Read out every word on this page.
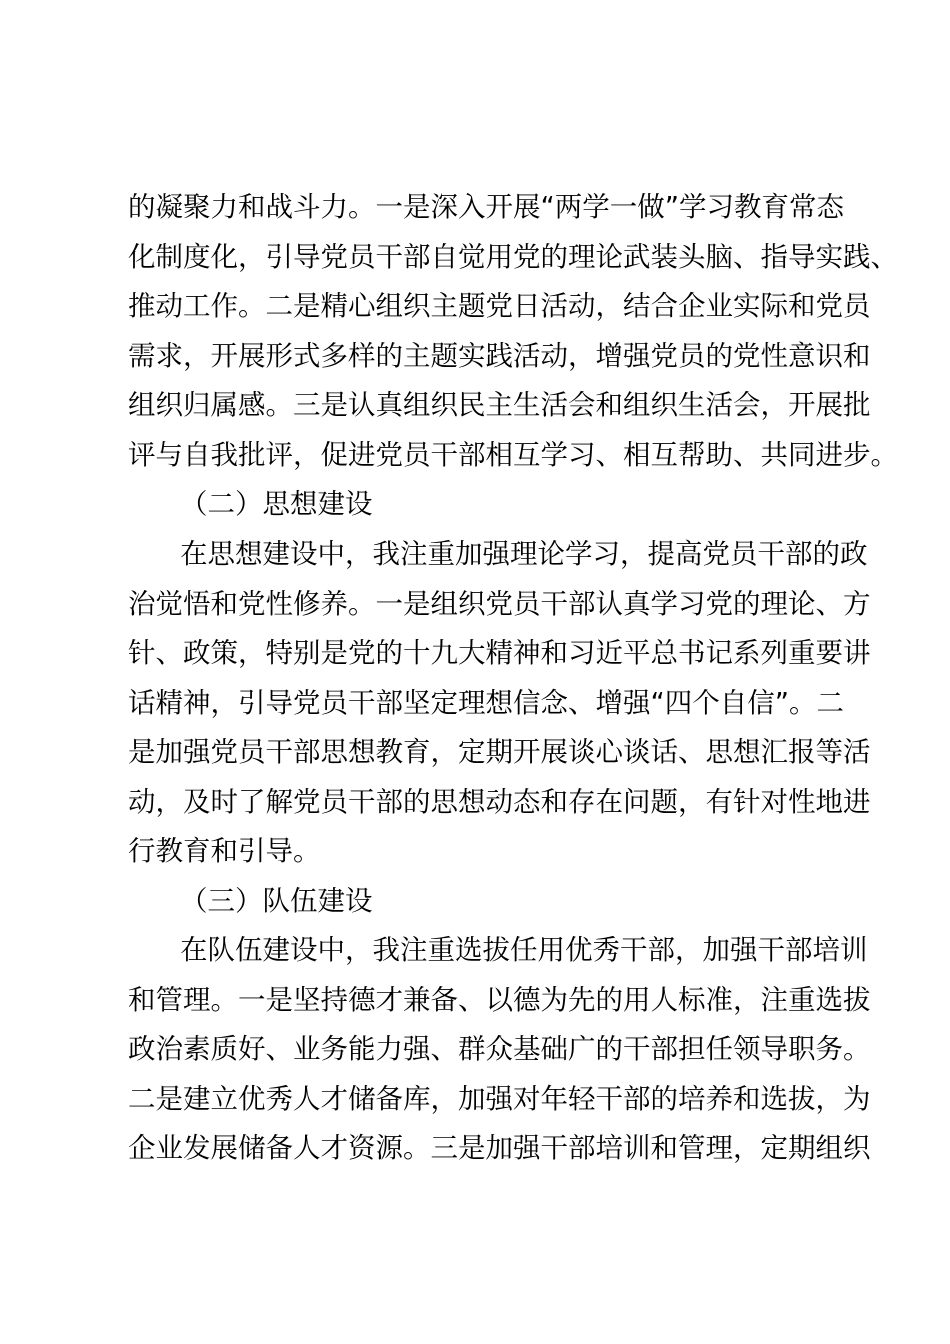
的凝聚力和战斗力。一是深入开展“两学一做”学习教育常态
化制度化，引导党员干部自觉用党的理论武装头脑、指导实践、
推动工作。二是精心组织主题党日活动，结合企业实际和党员
需求，开展形式多样的主题实践活动，增强党员的党性意识和
组织归属感。三是认真组织民主生活会和组织生活会，开展批
评与自我批评，促进党员干部相互学习、相互帮助、共同进步。
（二）思想建设
在思想建设中，我注重加强理论学习，提高党员干部的政
治觉悟和党性修养。一是组织党员干部认真学习党的理论、方
针、政策，特别是党的十九大精神和习近平总书记系列重要讲
话精神，引导党员干部坚定理想信念、增强“四个自信”。二
是加强党员干部思想教育，定期开展谈心谈话、思想汇报等活
动，及时了解党员干部的思想动态和存在问题，有针对性地进
行教育和引导。
（三）队伍建设
在队伍建设中，我注重选拔任用优秀干部，加强干部培训
和管理。一是坚持德才兼备、以德为先的用人标准，注重选拔
政治素质好、业务能力强、群众基础广的干部担任领导职务。
二是建立优秀人才储备库，加强对年轻干部的培养和选拔，为
企业发展储备人才资源。三是加强干部培训和管理，定期组织
